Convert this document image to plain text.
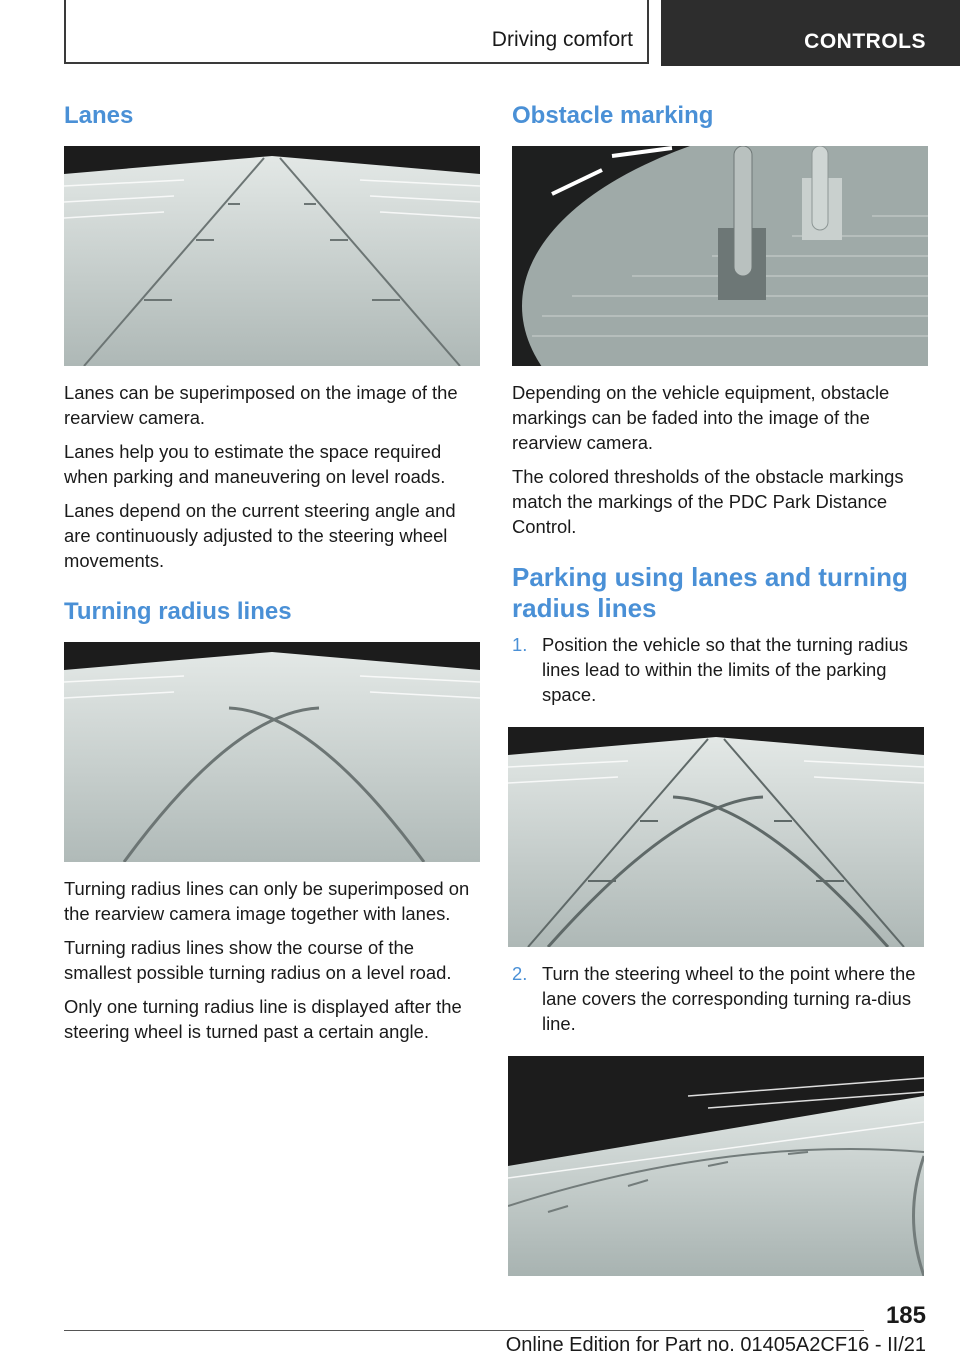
Driving comfort	CONTROLS
Lanes

Lanes can be superimposed on the image of the rearview camera.

Lanes help you to estimate the space required when parking and maneuvering on level roads.

Lanes depend on the current steering angle and are continuously adjusted to the steering wheel movements.

Turning radius lines

Turning radius lines can only be superimposed on the rearview camera image together with lanes.

Turning radius lines show the course of the smallest possible turning radius on a level road.

Only one turning radius line is displayed after the steering wheel is turned past a certain angle.

Obstacle marking

Depending on the vehicle equipment, obstacle markings can be faded into the image of the rearview camera.

The colored thresholds of the obstacle markings match the markings of the PDC Park Distance Control.

Parking using lanes and turning radius lines
1. Position the vehicle so that the turning radius lines lead to within the limits of the parking space.
2. Turn the steering wheel to the point where the lane covers the corresponding turning ra‐dius line.
185
Online Edition for Part no. 01405A2CF16 - II/21
